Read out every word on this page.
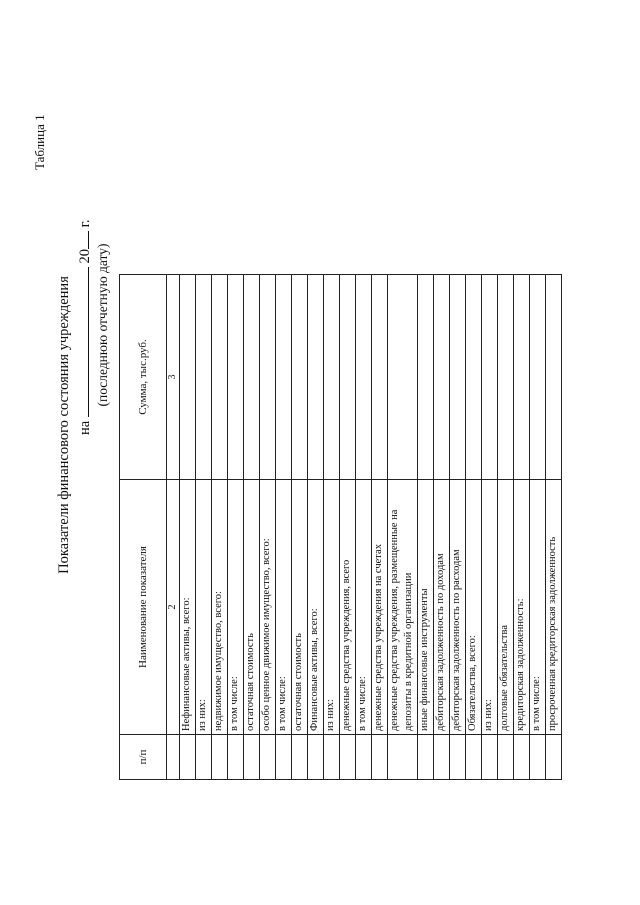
Таблица 1
Показатели финансового состояния учреждения на  20 г.
(последнюю отчетную дату)
п/п	Наименование показателя	Сумма, тыс.руб.
	2	3
	Нефинансовые активы, всего:	
	из них:	
	недвижимое имущество, всего:	
	в том числе:	
	остаточная стоимость	
	особо ценное движимое имущество, всего:	
	в том числе:	
	остаточная стоимость	
	Финансовые активы, всего:	
	из них:	
	денежные средства учреждения, всего	
	в том числе:	
	денежные средства учреждения на счетах	
	денежные средства учреждения, размещенные на депозиты в кредитной организации	
	иные финансовые инструменты	
	дебиторская задолженность по доходам	
	дебиторская задолженность по расходам	
	Обязательства, всего:	
	из них:	
	долговые обязательства	
	кредиторская задолженность:	
	в том числе:	
	просроченная кредиторская задолженность	
